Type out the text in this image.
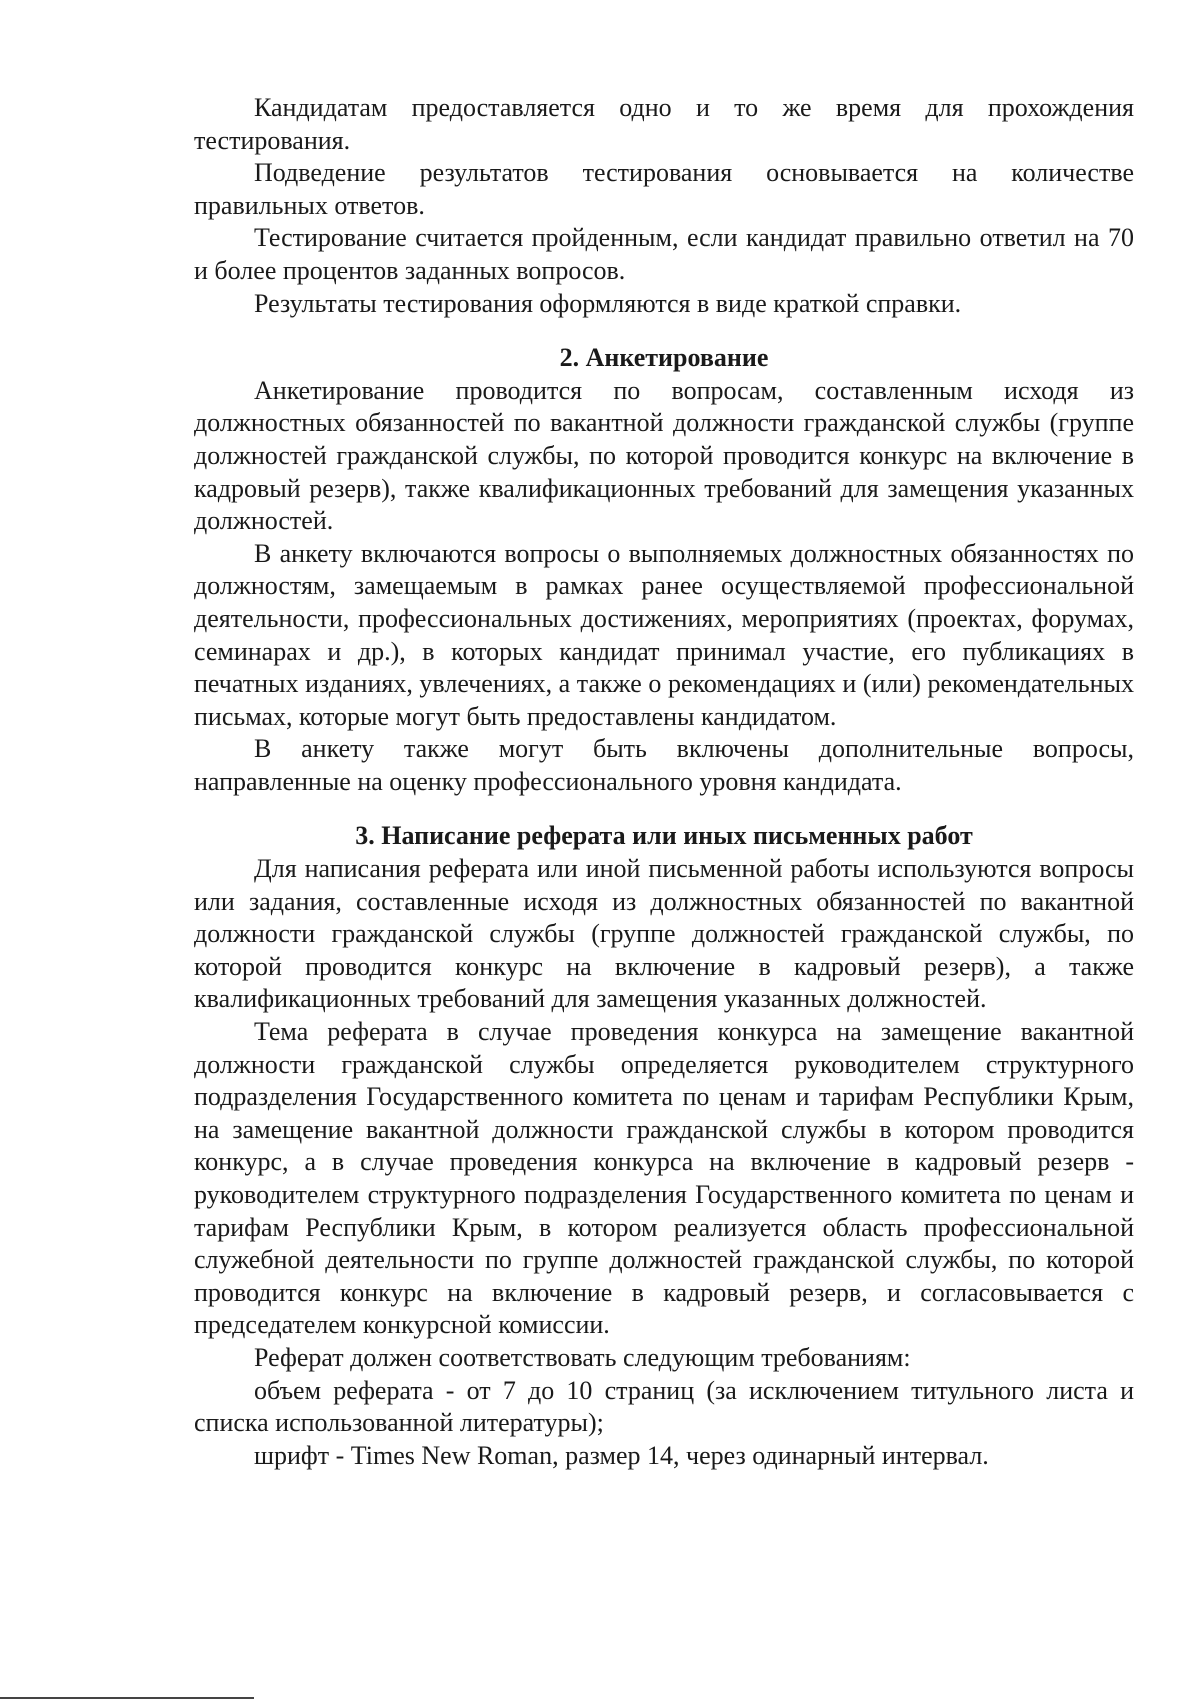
Кандидатам предоставляется одно и то же время для прохождения тестирования.

Подведение результатов тестирования основывается на количестве правильных ответов.

Тестирование считается пройденным, если кандидат правильно ответил на 70 и более процентов заданных вопросов.

Результаты тестирования оформляются в виде краткой справки.

2. Анкетирование

Анкетирование проводится по вопросам, составленным исходя из должностных обязанностей по вакантной должности гражданской службы (группе должностей гражданской службы, по которой проводится конкурс на включение в кадровый резерв), также квалификационных требований для замещения указанных должностей.

В анкету включаются вопросы о выполняемых должностных обязанностях по должностям, замещаемым в рамках ранее осуществляемой профессиональной деятельности, профессиональных достижениях, мероприятиях (проектах, форумах, семинарах и др.), в которых кандидат принимал участие, его публикациях в печатных изданиях, увлечениях, а также о рекомендациях и (или) рекомендательных письмах, которые могут быть предоставлены кандидатом.

В анкету также могут быть включены дополнительные вопросы, направленные на оценку профессионального уровня кандидата.

3. Написание реферата или иных письменных работ

Для написания реферата или иной письменной работы используются вопросы или задания, составленные исходя из должностных обязанностей по вакантной должности гражданской службы (группе должностей гражданской службы, по которой проводится конкурс на включение в кадровый резерв), а также квалификационных требований для замещения указанных должностей.

Тема реферата в случае проведения конкурса на замещение вакантной должности гражданской службы определяется руководителем структурного подразделения Государственного комитета по ценам и тарифам Республики Крым, на замещение вакантной должности гражданской службы в котором проводится конкурс, а в случае проведения конкурса на включение в кадровый резерв - руководителем структурного подразделения Государственного комитета по ценам и тарифам Республики Крым, в котором реализуется область профессиональной служебной деятельности по группе должностей гражданской службы, по которой проводится конкурс на включение в кадровый резерв, и согласовывается с председателем конкурсной комиссии.

Реферат должен соответствовать следующим требованиям:

объем реферата - от 7 до 10 страниц (за исключением титульного листа и списка использованной литературы);

шрифт - Times New Roman, размер 14, через одинарный интервал.
